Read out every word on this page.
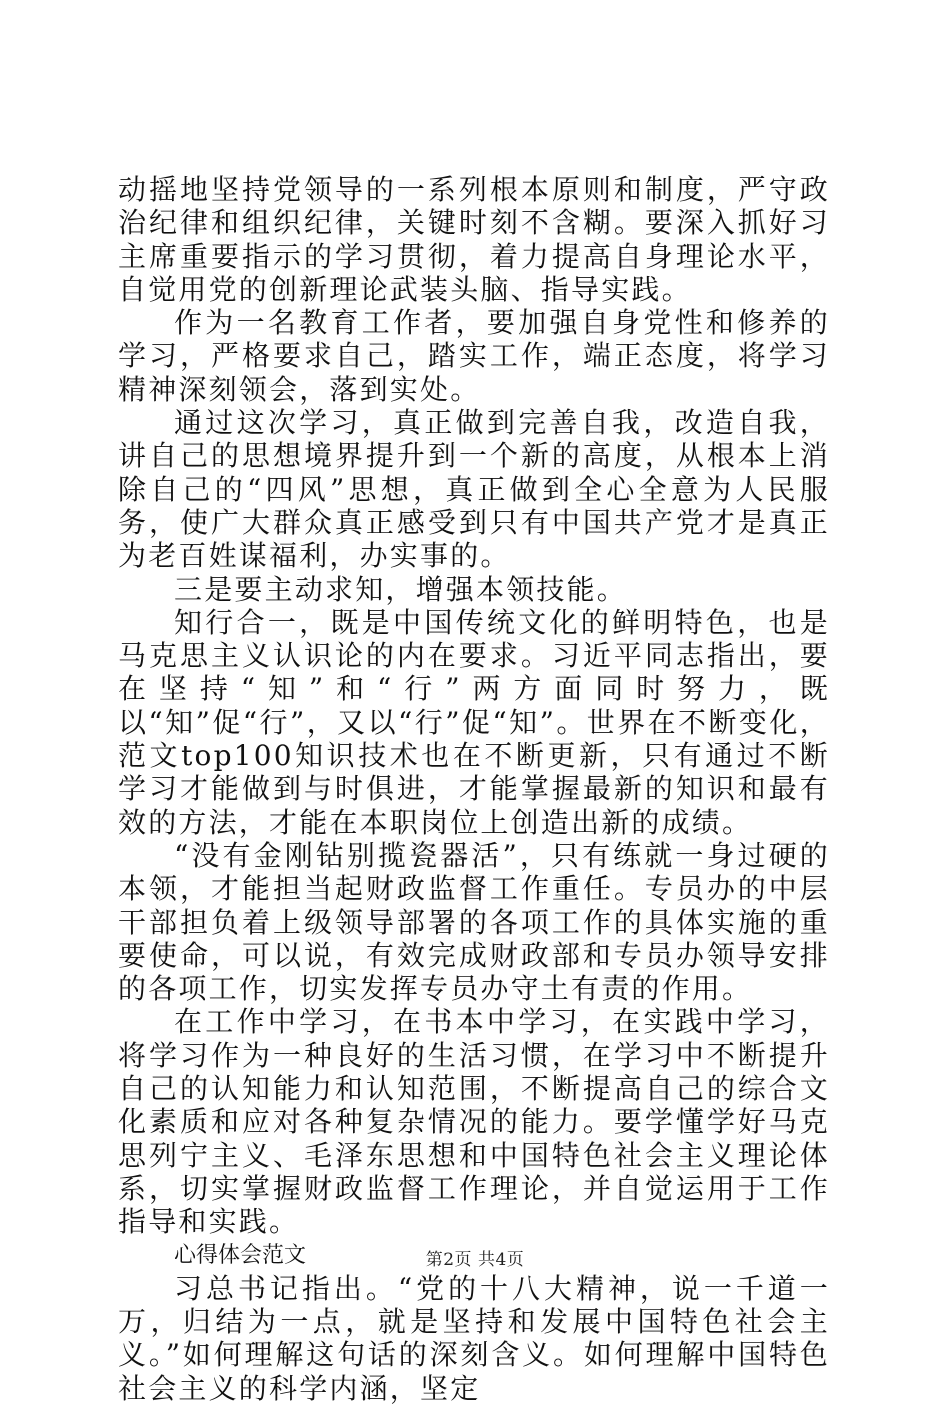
动摇地坚持党领导的一系列根本原则和制度，严守政治纪律和组织纪律，关键时刻不含糊。要深入抓好习主席重要指示的学习贯彻，着力提高自身理论水平，自觉用党的创新理论武装头脑、指导实践。

作为一名教育工作者，要加强自身党性和修养的学习，严格要求自己，踏实工作，端正态度，将学习精神深刻领会，落到实处。

通过这次学习，真正做到完善自我，改造自我，讲自己的思想境界提升到一个新的高度，从根本上消除自己的“四风”思想，真正做到全心全意为人民服务，使广大群众真正感受到只有中国共产党才是真正为老百姓谋福利，办实事的。

三是要主动求知，增强本领技能。

知行合一，既是中国传统文化的鲜明特色，也是马克思主义认识论的内在要求。习近平同志指出，要在坚持“知”和“行”两方面同时努力，既以“知”促“行”，又以“行”促“知”。世界在不断变化，范文top100知识技术也在不断更新，只有通过不断学习才能做到与时俱进，才能掌握最新的知识和最有效的方法，才能在本职岗位上创造出新的成绩。

“没有金刚钻别揽瓷器活”，只有练就一身过硬的本领，才能担当起财政监督工作重任。专员办的中层干部担负着上级领导部署的各项工作的具体实施的重要使命，可以说，有效完成财政部和专员办领导安排的各项工作，切实发挥专员办守土有责的作用。

在工作中学习，在书本中学习，在实践中学习，将学习作为一种良好的生活习惯，在学习中不断提升自己的认知能力和认知范围，不断提高自己的综合文化素质和应对各种复杂情况的能力。要学懂学好马克思列宁主义、毛泽东思想和中国特色社会主义理论体系，切实掌握财政监督工作理论，并自觉运用于工作指导和实践。

心得体会范文

习总书记指出。“党的十八大精神，说一千道一万，归结为一点，就是坚持和发展中国特色社会主义。”如何理解这句话的深刻含义。如何理解中国特色社会主义的科学内涵，坚定

第2页 共4页
